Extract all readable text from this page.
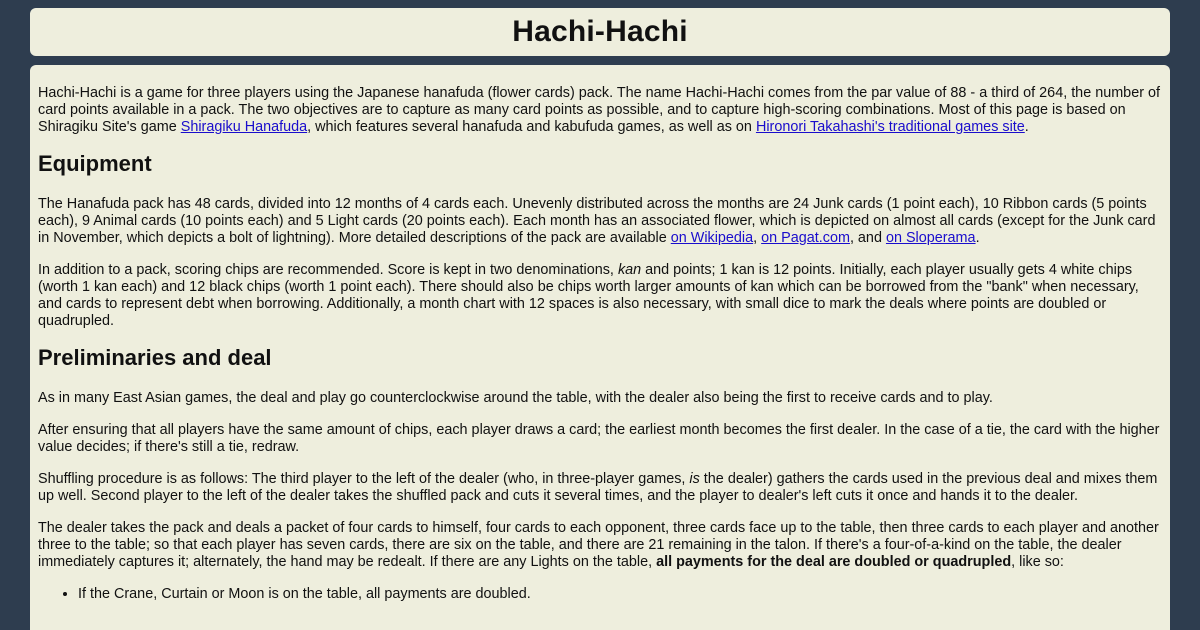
Hachi-Hachi

Hachi-Hachi is a game for three players using the Japanese hanafuda (flower cards) pack. The name Hachi-Hachi comes from the par value of 88 - a third of 264, the number of card points available in a pack. The two objectives are to capture as many card points as possible, and to capture high-scoring combinations. Most of this page is based on Shiragiku Site's game Shiragiku Hanafuda, which features several hanafuda and kabufuda games, as well as on Hironori Takahashi's traditional games site.

Equipment

The Hanafuda pack has 48 cards, divided into 12 months of 4 cards each. Unevenly distributed across the months are 24 Junk cards (1 point each), 10 Ribbon cards (5 points each), 9 Animal cards (10 points each) and 5 Light cards (20 points each). Each month has an associated flower, which is depicted on almost all cards (except for the Junk card in November, which depicts a bolt of lightning). More detailed descriptions of the pack are available on Wikipedia, on Pagat.com, and on Sloperama.

In addition to a pack, scoring chips are recommended. Score is kept in two denominations, kan and points; 1 kan is 12 points. Initially, each player usually gets 4 white chips (worth 1 kan each) and 12 black chips (worth 1 point each). There should also be chips worth larger amounts of kan which can be borrowed from the "bank" when necessary, and cards to represent debt when borrowing. Additionally, a month chart with 12 spaces is also necessary, with small dice to mark the deals where points are doubled or quadrupled.

Preliminaries and deal

As in many East Asian games, the deal and play go counterclockwise around the table, with the dealer also being the first to receive cards and to play.

After ensuring that all players have the same amount of chips, each player draws a card; the earliest month becomes the first dealer. In the case of a tie, the card with the higher value decides; if there's still a tie, redraw.

Shuffling procedure is as follows: The third player to the left of the dealer (who, in three-player games, is the dealer) gathers the cards used in the previous deal and mixes them up well. Second player to the left of the dealer takes the shuffled pack and cuts it several times, and the player to dealer's left cuts it once and hands it to the dealer.

The dealer takes the pack and deals a packet of four cards to himself, four cards to each opponent, three cards face up to the table, then three cards to each player and another three to the table; so that each player has seven cards, there are six on the table, and there are 21 remaining in the talon. If there's a four-of-a-kind on the table, the dealer immediately captures it; alternately, the hand may be redealt. If there are any Lights on the table, all payments for the deal are doubled or quadrupled, like so:

• If the Crane, Curtain or Moon is on the table, all payments are doubled.
